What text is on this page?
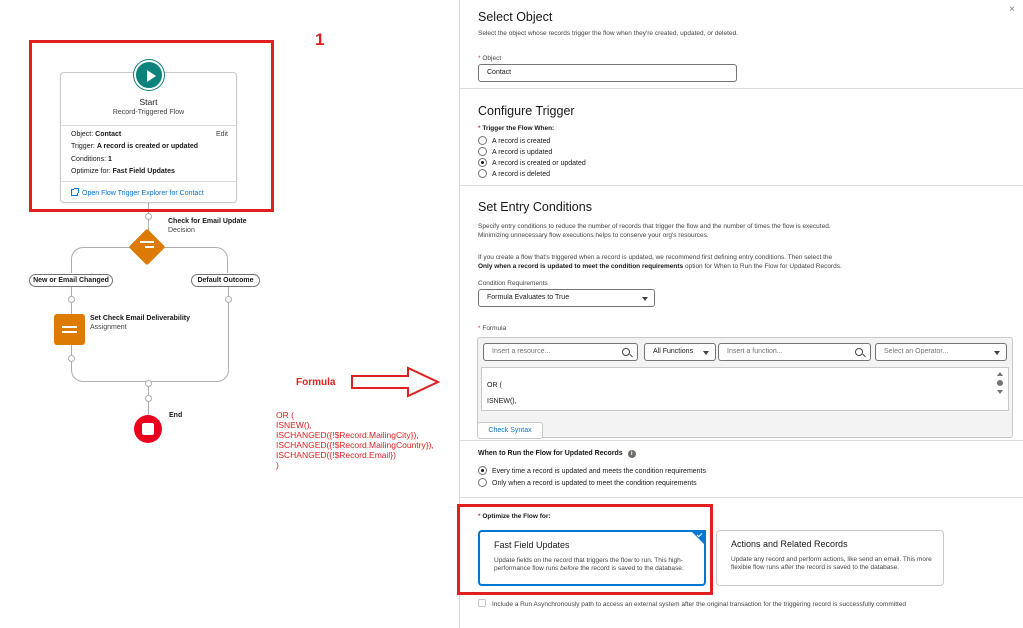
Start
Record-Triggered Flow
Object: Contact	Edit
Trigger: A record is created or updated
Conditions: 1
Optimize for: Fast Field Updates
Open Flow Trigger Explorer for Contact
1
Check for Email Update
Decision
New or Email Changed	Default Outcome
Set Check Email Deliverability
Assignment
End
Formula
OR (
ISNEW(),
ISCHANGED({!$Record.MailingCity}),
ISCHANGED({!$Record.MailingCountry}),
ISCHANGED({!$Record.Email})
)
×
Select Object
Select the object whose records trigger the flow when they're created, updated, or deleted.
* Object
Contact
Configure Trigger
* Trigger the Flow When:
A record is created
A record is updated
A record is created or updated
A record is deleted
Set Entry Conditions
Specify entry conditions to reduce the number of records that trigger the flow and the number of times the flow is executed.
Minimizing unnecessary flow executions helps to conserve your org's resources.
If you create a flow that's triggered when a record is updated, we recommend first defining entry conditions. Then select the
Only when a record is updated to meet the condition requirements option for When to Run the Flow for Updated Records.
Condition Requirements
Formula Evaluates to True
* Formula
Insert a resource...	All Functions	Insert a function...	Select an Operator...
OR (
ISNEW(),
Check Syntax
When to Run the Flow for Updated Records i
Every time a record is updated and meets the condition requirements
Only when a record is updated to meet the condition requirements
* Optimize the Flow for:
Fast Field Updates
Update fields on the record that triggers the flow to run. This high-performance flow runs before the record is saved to the database.
Actions and Related Records
Update any record and perform actions, like send an email. This more flexible flow runs after the record is saved to the database.
Include a Run Asynchronously path to access an external system after the original transaction for the triggering record is successfully committed
